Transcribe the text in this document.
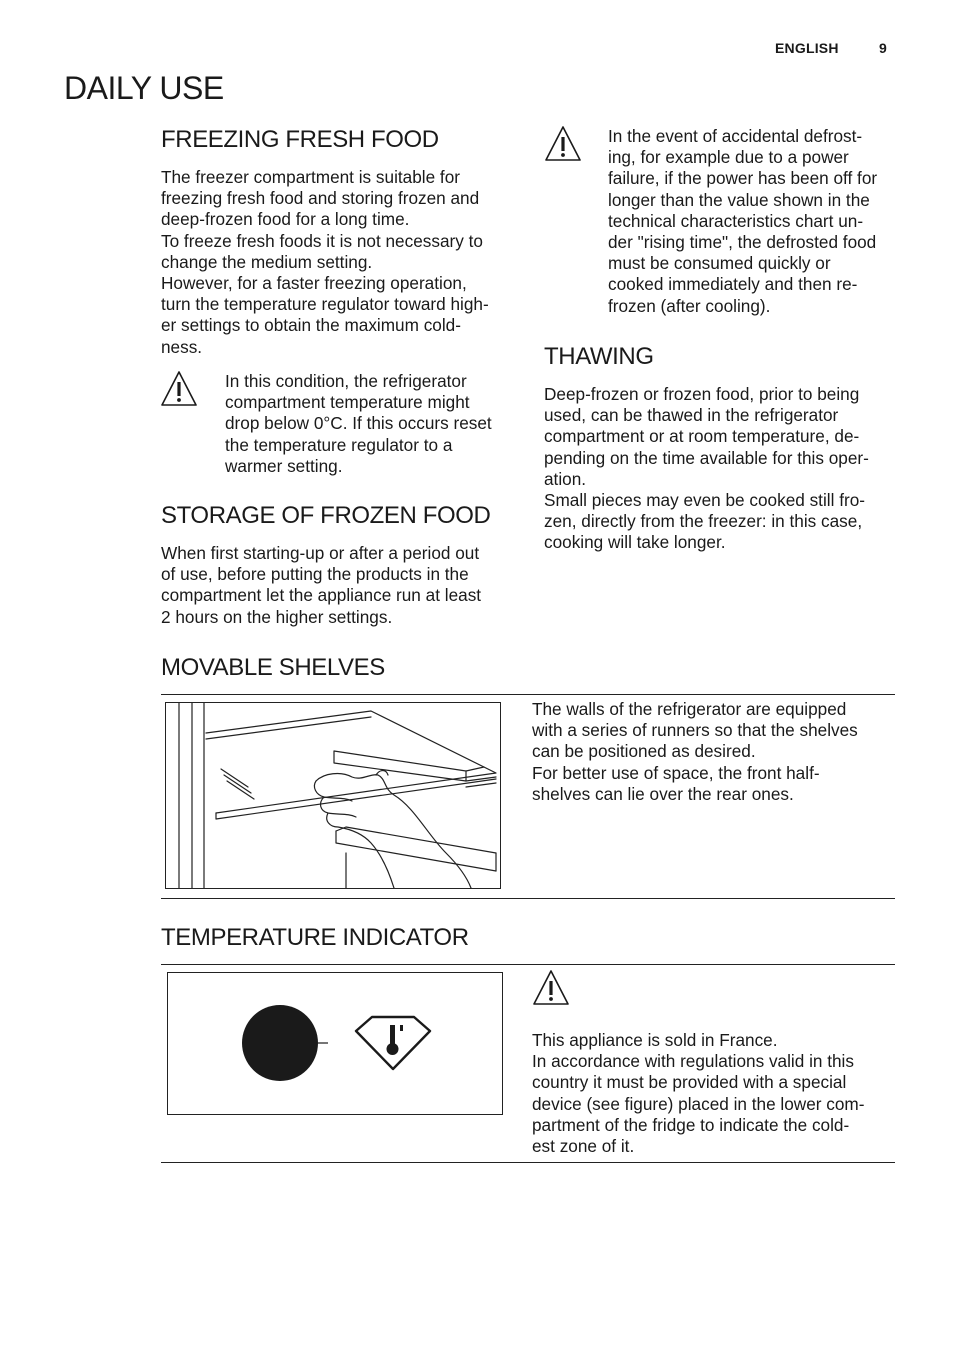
ENGLISH	9
DAILY USE
FREEZING FRESH FOOD
The freezer compartment is suitable for
freezing fresh food and storing frozen and
deep-frozen food for a long time.
To freeze fresh foods it is not necessary to
change the medium setting.
However, for a faster freezing operation,
turn the temperature regulator toward high-
er settings to obtain the maximum cold-
ness.
In this condition, the refrigerator
compartment temperature might
drop below 0°C. If this occurs reset
the temperature regulator to a
warmer setting.
STORAGE OF FROZEN FOOD
When first starting-up or after a period out
of use, before putting the products in the
compartment let the appliance run at least
2 hours on the higher settings.
In the event of accidental defrost-
ing, for example due to a power
failure, if the power has been off for
longer than the value shown in the
technical characteristics chart un-
der "rising time", the defrosted food
must be consumed quickly or
cooked immediately and then re-
frozen (after cooling).
THAWING
Deep-frozen or frozen food, prior to being
used, can be thawed in the refrigerator
compartment or at room temperature, de-
pending on the time available for this oper-
ation.
Small pieces may even be cooked still fro-
zen, directly from the freezer: in this case,
cooking will take longer.
MOVABLE SHELVES
The walls of the refrigerator are equipped
with a series of runners so that the shelves
can be positioned as desired.
For better use of space, the front half-
shelves can lie over the rear ones.
TEMPERATURE INDICATOR
This appliance is sold in France.
In accordance with regulations valid in this
country it must be provided with a special
device (see figure) placed in the lower com-
partment of the fridge to indicate the cold-
est zone of it.
